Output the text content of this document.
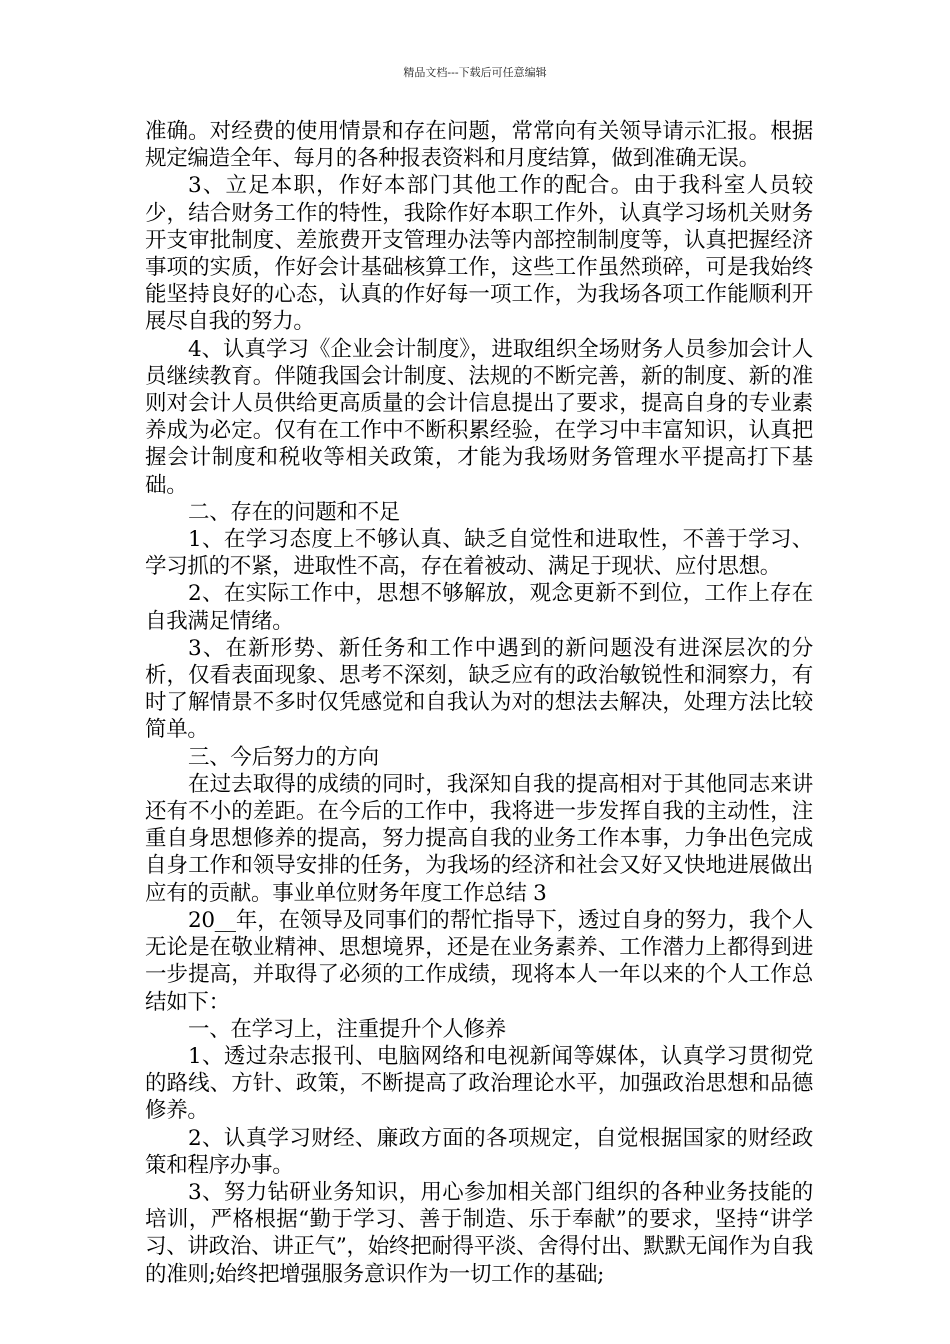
精品文档---下载后可任意编辑

准确。对经费的使用情景和存在问题，常常向有关领导请示汇报。根据规定编造全年、每月的各种报表资料和月度结算，做到准确无误。

3、立足本职，作好本部门其他工作的配合。由于我科室人员较少，结合财务工作的特性，我除作好本职工作外，认真学习场机关财务开支审批制度、差旅费开支管理办法等内部控制制度等，认真把握经济事项的实质，作好会计基础核算工作，这些工作虽然琐碎，可是我始终能坚持良好的心态，认真的作好每一项工作，为我场各项工作能顺利开展尽自我的努力。

4、认真学习《企业会计制度》，进取组织全场财务人员参加会计人员继续教育。伴随我国会计制度、法规的不断完善，新的制度、新的准则对会计人员供给更高质量的会计信息提出了要求，提高自身的专业素养成为必定。仅有在工作中不断积累经验，在学习中丰富知识，认真把握会计制度和税收等相关政策，才能为我场财务管理水平提高打下基础。

二、存在的问题和不足

1、在学习态度上不够认真、缺乏自觉性和进取性，不善于学习、学习抓的不紧，进取性不高，存在着被动、满足于现状、应付思想。

2、在实际工作中，思想不够解放，观念更新不到位，工作上存在自我满足情绪。

3、在新形势、新任务和工作中遇到的新问题没有进深层次的分析，仅看表面现象、思考不深刻，缺乏应有的政治敏锐性和洞察力，有时了解情景不多时仅凭感觉和自我认为对的想法去解决，处理方法比较简单。

三、今后努力的方向

在过去取得的成绩的同时，我深知自我的提高相对于其他同志来讲还有不小的差距。在今后的工作中，我将进一步发挥自我的主动性，注重自身思想修养的提高，努力提高自我的业务工作本事，力争出色完成自身工作和领导安排的任务，为我场的经济和社会又好又快地进展做出应有的贡献。事业单位财务年度工作总结 3

20__年，在领导及同事们的帮忙指导下，透过自身的努力，我个人无论是在敬业精神、思想境界，还是在业务素养、工作潜力上都得到进一步提高，并取得了必须的工作成绩，现将本人一年以来的个人工作总结如下：

一、在学习上，注重提升个人修养

1、透过杂志报刊、电脑网络和电视新闻等媒体，认真学习贯彻党的路线、方针、政策，不断提高了政治理论水平，加强政治思想和品德修养。

2、认真学习财经、廉政方面的各项规定，自觉根据国家的财经政策和程序办事。

3、努力钻研业务知识，用心参加相关部门组织的各种业务技能的培训，严格根据“勤于学习、善于制造、乐于奉献”的要求，坚持“讲学习、讲政治、讲正气”，始终把耐得平淡、舍得付出、默默无闻作为自我的准则;始终把增强服务意识作为一切工作的基础;
